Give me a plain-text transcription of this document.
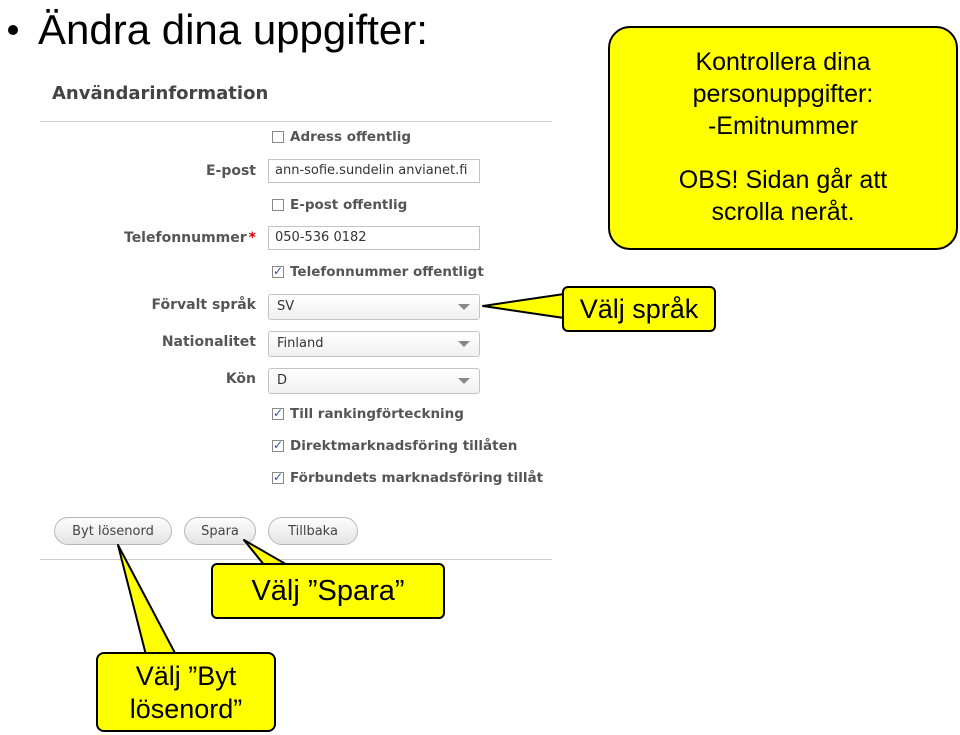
Ändra dina uppgifter:
Användarinformation
Adress offentlig
E-post	ann-sofie.sundelin anvianet.fi
E-post offentlig
Telefonnummer *	050-536 0182
✓
Telefonnummer offentligt
Förvalt språk	SV
Nationalitet	Finland
Kön	D
✓
Till rankingförteckning
✓
Direktmarknadsföring tillåten
✓
Förbundets marknadsföring tillåt
Byt lösenord	Spara	Tillbaka
Kontrollera dina
personuppgifter:
-Emitnummer
OBS! Sidan går att
scrolla neråt.
Välj språk
Välj ”Spara”
Välj ”Byt
lösenord”
